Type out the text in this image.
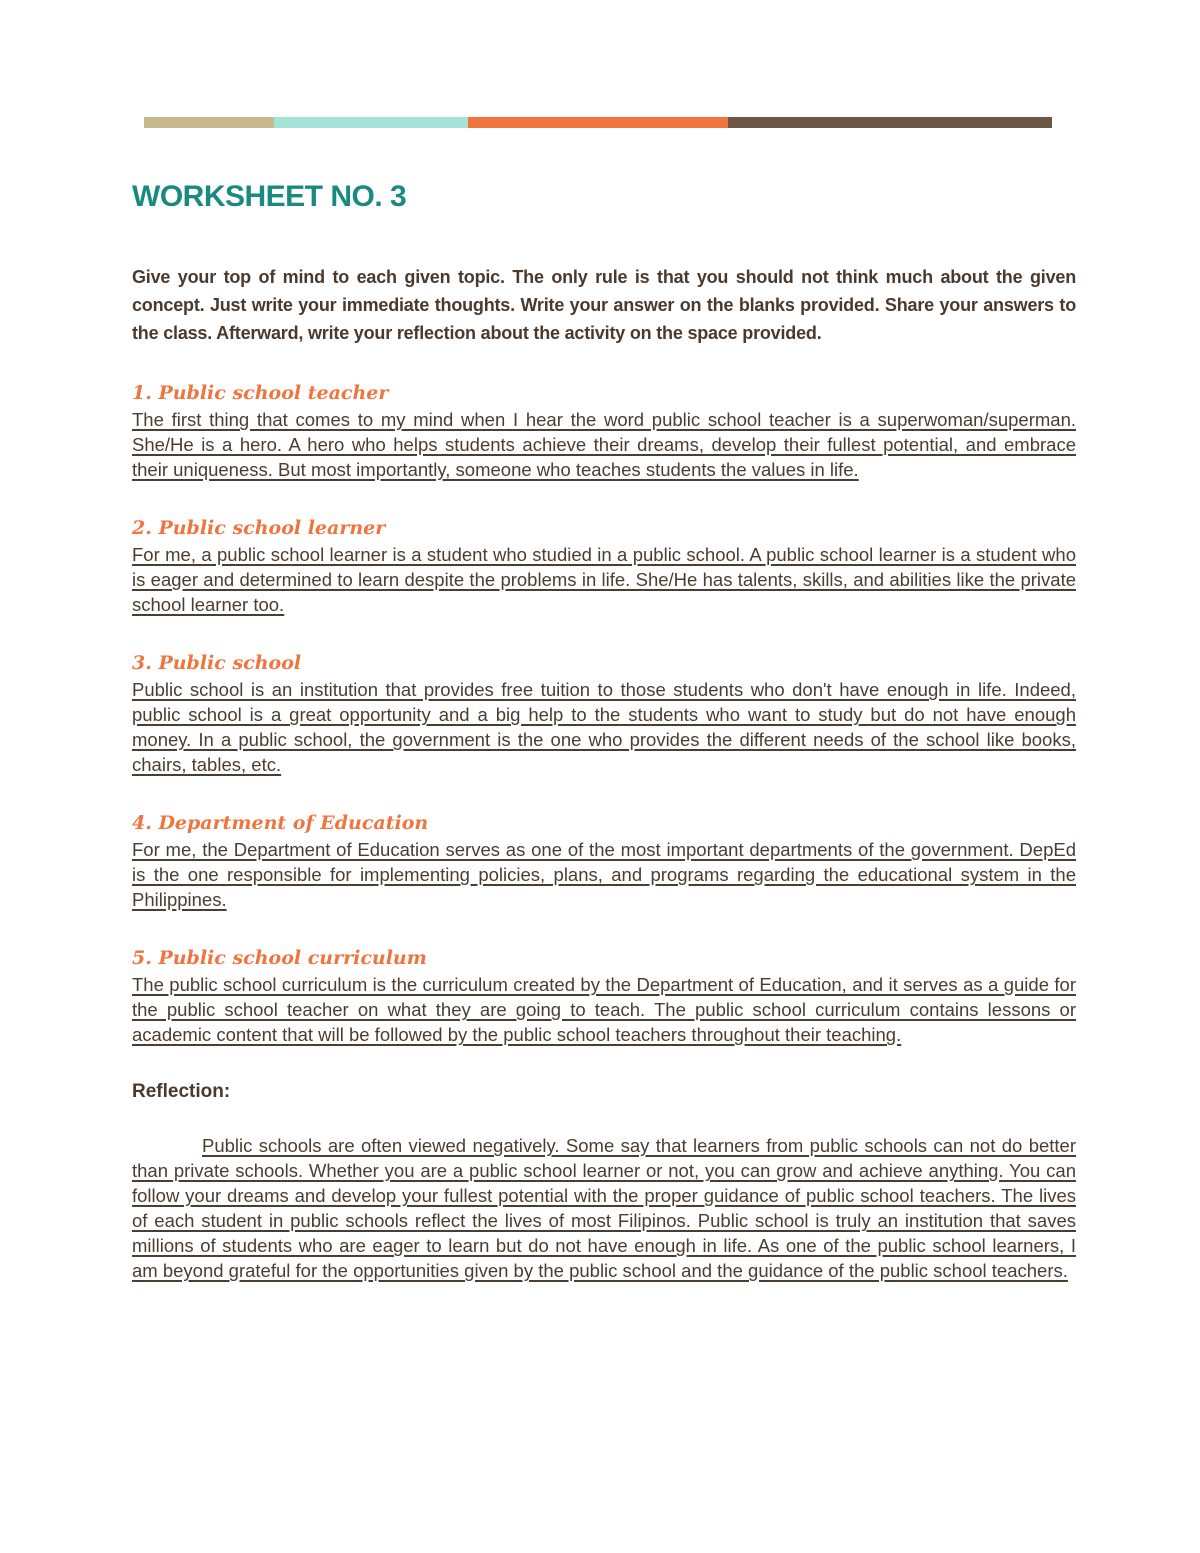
WORKSHEET NO. 3

Give your top of mind to each given topic. The only rule is that you should not think much about the given concept. Just write your immediate thoughts. Write your answer on the blanks provided. Share your answers to the class. Afterward, write your reflection about the activity on the space provided.

1. Public school teacher

The first thing that comes to my mind when I hear the word public school teacher is a superwoman/superman. She/He is a hero. A hero who helps students achieve their dreams, develop their fullest potential, and embrace their uniqueness. But most importantly, someone who teaches students the values in life.

2. Public school learner

For me, a public school learner is a student who studied in a public school. A public school learner is a student who is eager and determined to learn despite the problems in life. She/He has talents, skills, and abilities like the private school learner too.

3. Public school

Public school is an institution that provides free tuition to those students who don't have enough in life. Indeed, public school is a great opportunity and a big help to the students who want to study but do not have enough money. In a public school, the government is the one who provides the different needs of the school like books, chairs, tables, etc.

4. Department of Education

For me, the Department of Education serves as one of the most important departments of the government. DepEd is the one responsible for implementing policies, plans, and programs regarding the educational system in the Philippines.

5. Public school curriculum

The public school curriculum is the curriculum created by the Department of Education, and it serves as a guide for the public school teacher on what they are going to teach. The public school curriculum contains lessons or academic content that will be followed by the public school teachers throughout their teaching.

Reflection:

Public schools are often viewed negatively. Some say that learners from public schools can not do better than private schools. Whether you are a public school learner or not, you can grow and achieve anything. You can follow your dreams and develop your fullest potential with the proper guidance of public school teachers. The lives of each student in public schools reflect the lives of most Filipinos. Public school is truly an institution that saves millions of students who are eager to learn but do not have enough in life. As one of the public school learners, I am beyond grateful for the opportunities given by the public school and the guidance of the public school teachers.
